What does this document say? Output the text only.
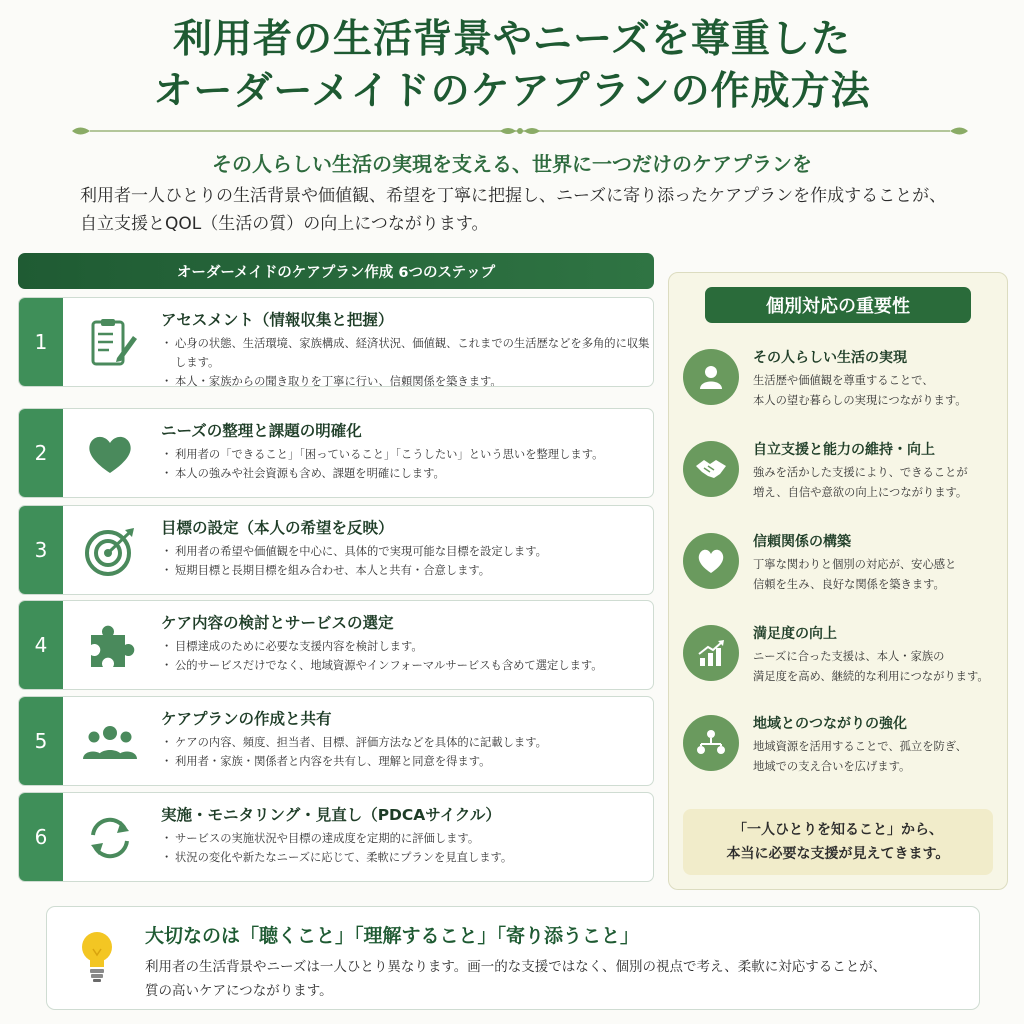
利用者の生活背景やニーズを尊重した
オーダーメイドのケアプランの作成方法
その人らしい生活の実現を支える、世界に一つだけのケアプランを
利用者一人ひとりの生活背景や価値観、希望を丁寧に把握し、ニーズに寄り添ったケアプランを作成することが、
自立支援とQOL（生活の質）の向上につながります。
オーダーメイドのケアプラン作成 6つのステップ
1
アセスメント（情報収集と把握）
・ 心身の状態、生活環境、家族構成、経済状況、価値観、これまでの生活歴などを多角的に収集します。
・ 本人・家族からの聞き取りを丁寧に行い、信頼関係を築きます。
2
ニーズの整理と課題の明確化
・ 利用者の「できること」「困っていること」「こうしたい」という思いを整理します。
・ 本人の強みや社会資源も含め、課題を明確にします。
3
目標の設定（本人の希望を反映）
・ 利用者の希望や価値観を中心に、具体的で実現可能な目標を設定します。
・ 短期目標と長期目標を組み合わせ、本人と共有・合意します。
4
ケア内容の検討とサービスの選定
・ 目標達成のために必要な支援内容を検討します。
・ 公的サービスだけでなく、地域資源やインフォーマルサービスも含めて選定します。
5
ケアプランの作成と共有
・ ケアの内容、頻度、担当者、目標、評価方法などを具体的に記載します。
・ 利用者・家族・関係者と内容を共有し、理解と同意を得ます。
6
実施・モニタリング・見直し（PDCAサイクル）
・ サービスの実施状況や目標の達成度を定期的に評価します。
・ 状況の変化や新たなニーズに応じて、柔軟にプランを見直します。
個別対応の重要性
その人らしい生活の実現
生活歴や価値観を尊重することで、
本人の望む暮らしの実現につながります。
自立支援と能力の維持・向上
強みを活かした支援により、できることが
増え、自信や意欲の向上につながります。
信頼関係の構築
丁寧な関わりと個別の対応が、安心感と
信頼を生み、良好な関係を築きます。
満足度の向上
ニーズに合った支援は、本人・家族の
満足度を高め、継続的な利用につながります。
地域とのつながりの強化
地域資源を活用することで、孤立を防ぎ、
地域での支え合いを広げます。
「一人ひとりを知ること」から、
本当に必要な支援が見えてきます。
大切なのは「聴くこと」「理解すること」「寄り添うこと」
利用者の生活背景やニーズは一人ひとり異なります。画一的な支援ではなく、個別の視点で考え、柔軟に対応することが、
質の高いケアにつながります。
